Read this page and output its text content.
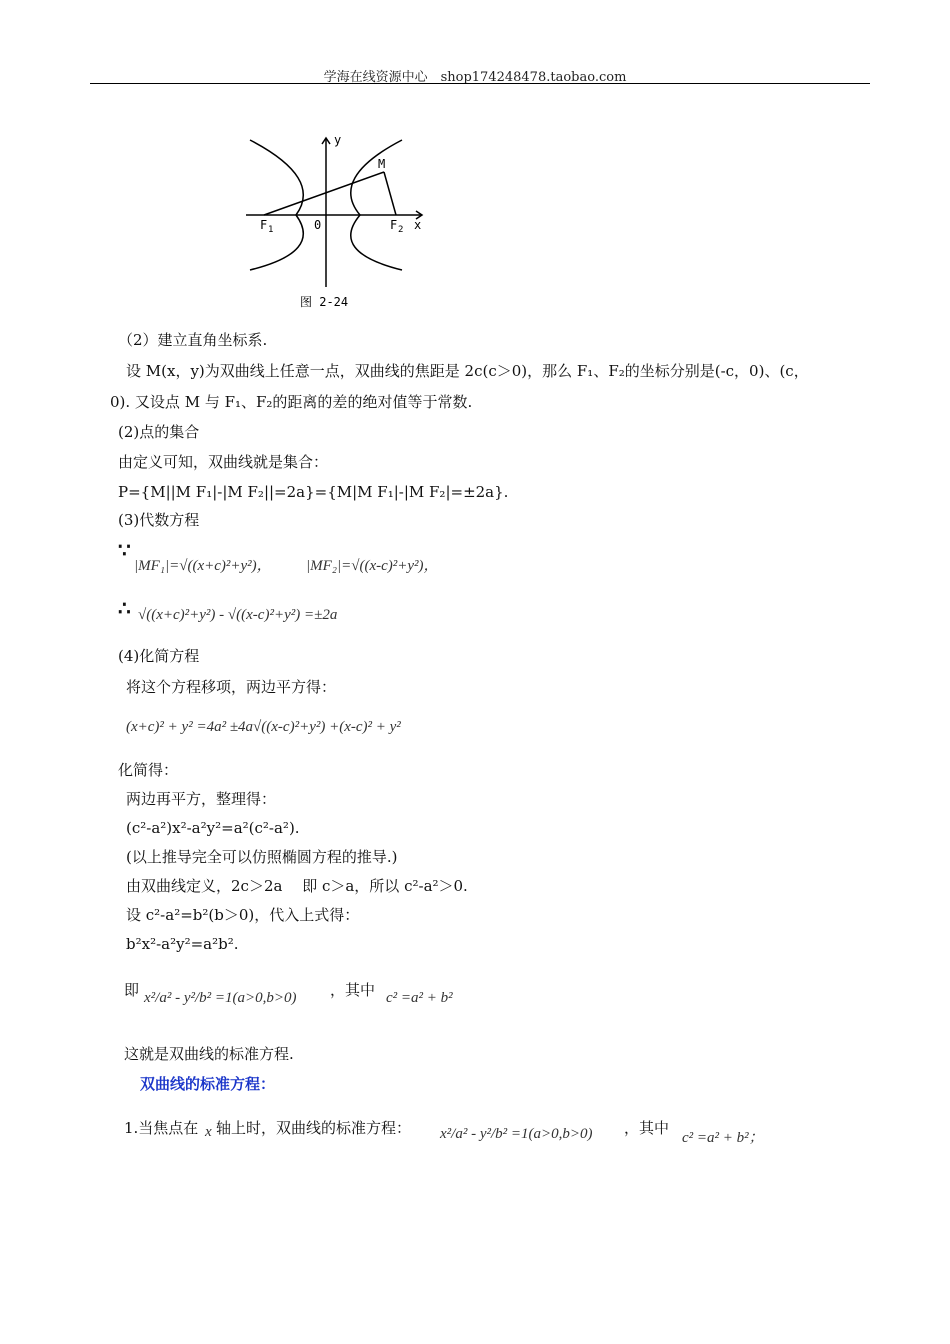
学海在线资源中心　shop174248478.taobao.com
y
x
M
F 1	0	F 2
图 2-24
（2）建立直角坐标系.
设 M(x，y)为双曲线上任意一点，双曲线的焦距是 2c(c＞0)，那么 F₁、F₂的坐标分别是(-c，0)、(c，
0). 又设点 M 与 F₁、F₂的距离的差的绝对值等于常数.
(2)点的集合
由定义可知，双曲线就是集合：
P={M||M F₁|-|M F₂||=2a}={M|M F₁|-|M F₂|=±2a}.
(3)代数方程
∵
|MF₁|=√((x+c)²+y²)， |MF₂|=√((x-c)²+y²)，
∴ √((x+c)²+y²) - √((x-c)²+y²) =±2a
(4)化简方程
将这个方程移项，两边平方得：
(x+c)² + y² =4a² ±4a√((x-c)²+y²) +(x-c)² + y²
化简得：
两边再平方，整理得：
(c²-a²)x²-a²y²=a²(c²-a²).
(以上推导完全可以仿照椭圆方程的推导.)
由双曲线定义，2c＞2a　 即 c＞a，所以 c²-a²＞0.
设 c²-a²=b²(b＞0)，代入上式得：
b²x²-a²y²=a²b².
即 x²/a² - y²/b² =1(a>0,b>0) ，其中 c² =a² + b²
这就是双曲线的标准方程.
双曲线的标准方程：
1.当焦点在 x 轴上时，双曲线的标准方程： x²/a² - y²/b² =1(a>0,b>0) ，其中
c² =a² + b²；
